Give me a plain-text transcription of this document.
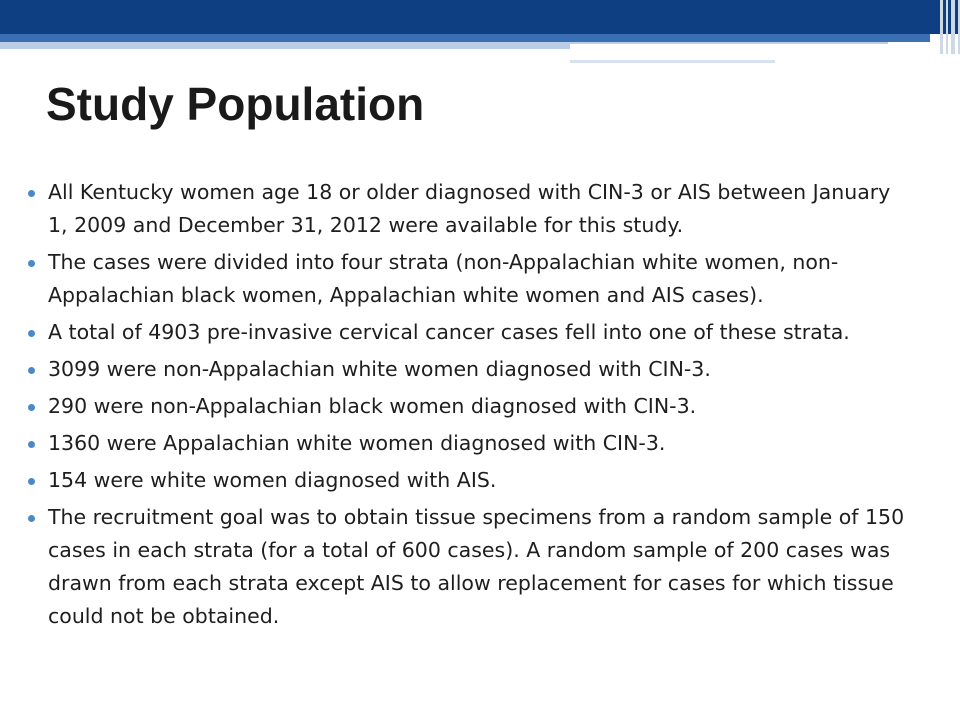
Study Population
All Kentucky women age 18 or older diagnosed with CIN-3 or AIS between January 1, 2009 and December 31, 2012 were available for this study.
The cases were divided into four strata (non-Appalachian white women, non-Appalachian black women, Appalachian white women and AIS cases).
A total of 4903 pre-invasive cervical cancer cases fell into one of these strata.
3099 were non-Appalachian white women diagnosed with CIN-3.
290 were non-Appalachian black women diagnosed with CIN-3.
1360 were Appalachian white women diagnosed with CIN-3.
154 were white women diagnosed with AIS.
The recruitment goal was to obtain tissue specimens from a random sample of 150 cases in each strata (for a total of 600 cases). A random sample of 200 cases was drawn from each strata except AIS to allow replacement for cases for which tissue could not be obtained.
